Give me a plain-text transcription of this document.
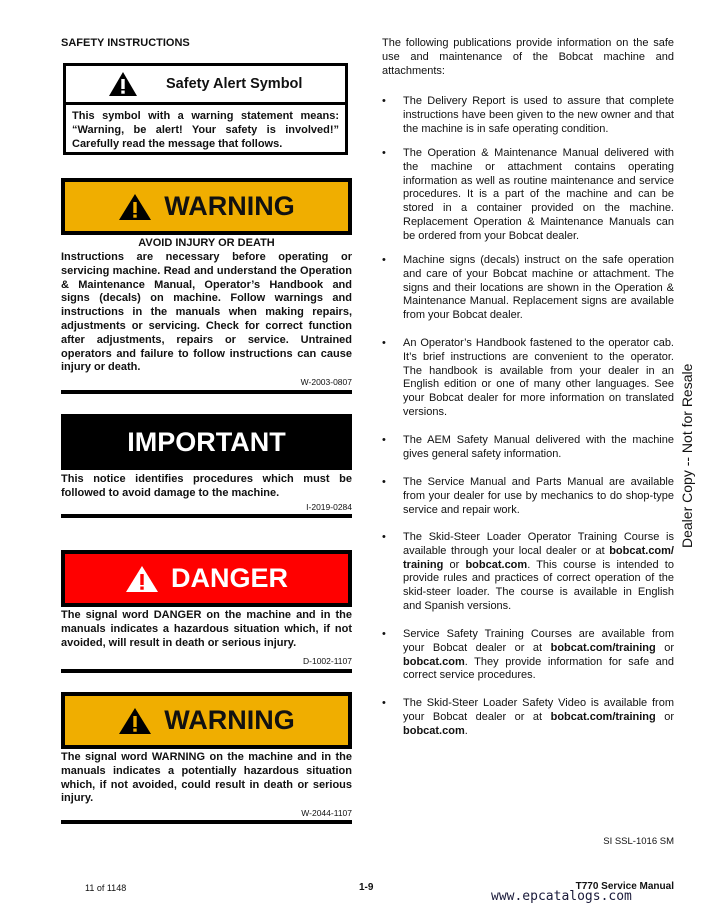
SAFETY INSTRUCTIONS
Safety Alert Symbol
This symbol with a warning statement means: “Warning, be alert! Your safety is involved!” Carefully read the message that follows.
WARNING
AVOID INJURY OR DEATH
Instructions are necessary before operating or servicing machine. Read and understand the Operation & Maintenance Manual, Operator’s Handbook and signs (decals) on machine. Follow warnings and instructions in the manuals when making repairs, adjustments or servicing. Check for correct function after adjustments, repairs or service. Untrained operators and failure to follow instructions can cause injury or death.
W-2003-0807
IMPORTANT
This notice identifies procedures which must be followed to avoid damage to the machine.
I-2019-0284
DANGER
The signal word DANGER on the machine and in the manuals indicates a hazardous situation which, if not avoided, will result in death or serious injury.
D-1002-1107
WARNING
The signal word WARNING on the machine and in the manuals indicates a potentially hazardous situation which, if not avoided, could result in death or serious injury.
W-2044-1107
The following publications provide information on the safe use and maintenance of the Bobcat machine and attachments:
• The Delivery Report is used to assure that complete instructions have been given to the new owner and that the machine is in safe operating condition.
• The Operation & Maintenance Manual delivered with the machine or attachment contains operating information as well as routine maintenance and service procedures. It is a part of the machine and can be stored in a container provided on the machine. Replacement Operation & Maintenance Manuals can be ordered from your Bobcat dealer.
• Machine signs (decals) instruct on the safe operation and care of your Bobcat machine or attachment. The signs and their locations are shown in the Operation & Maintenance Manual. Replacement signs are available from your Bobcat dealer.
• An Operator’s Handbook fastened to the operator cab. It’s brief instructions are convenient to the operator. The handbook is available from your dealer in an English edition or one of many other languages. See your Bobcat dealer for more information on translated versions.
• The AEM Safety Manual delivered with the machine gives general safety information.
• The Service Manual and Parts Manual are available from your dealer for use by mechanics to do shop-type service and repair work.
• The Skid-Steer Loader Operator Training Course is available through your local dealer or at bobcat.com/ training or bobcat.com. This course is intended to provide rules and practices of correct operation of the skid-steer loader. The course is available in English and Spanish versions.
• Service Safety Training Courses are available from your Bobcat dealer or at bobcat.com/training or bobcat.com. They provide information for safe and correct service procedures.
• The Skid-Steer Loader Safety Video is available from your Bobcat dealer or at bobcat.com/training or bobcat.com.
SI SSL-1016 SM
Dealer Copy -- Not for Resale
11 of 1148	1-9	T770 Service Manual
www.epcatalogs.com
